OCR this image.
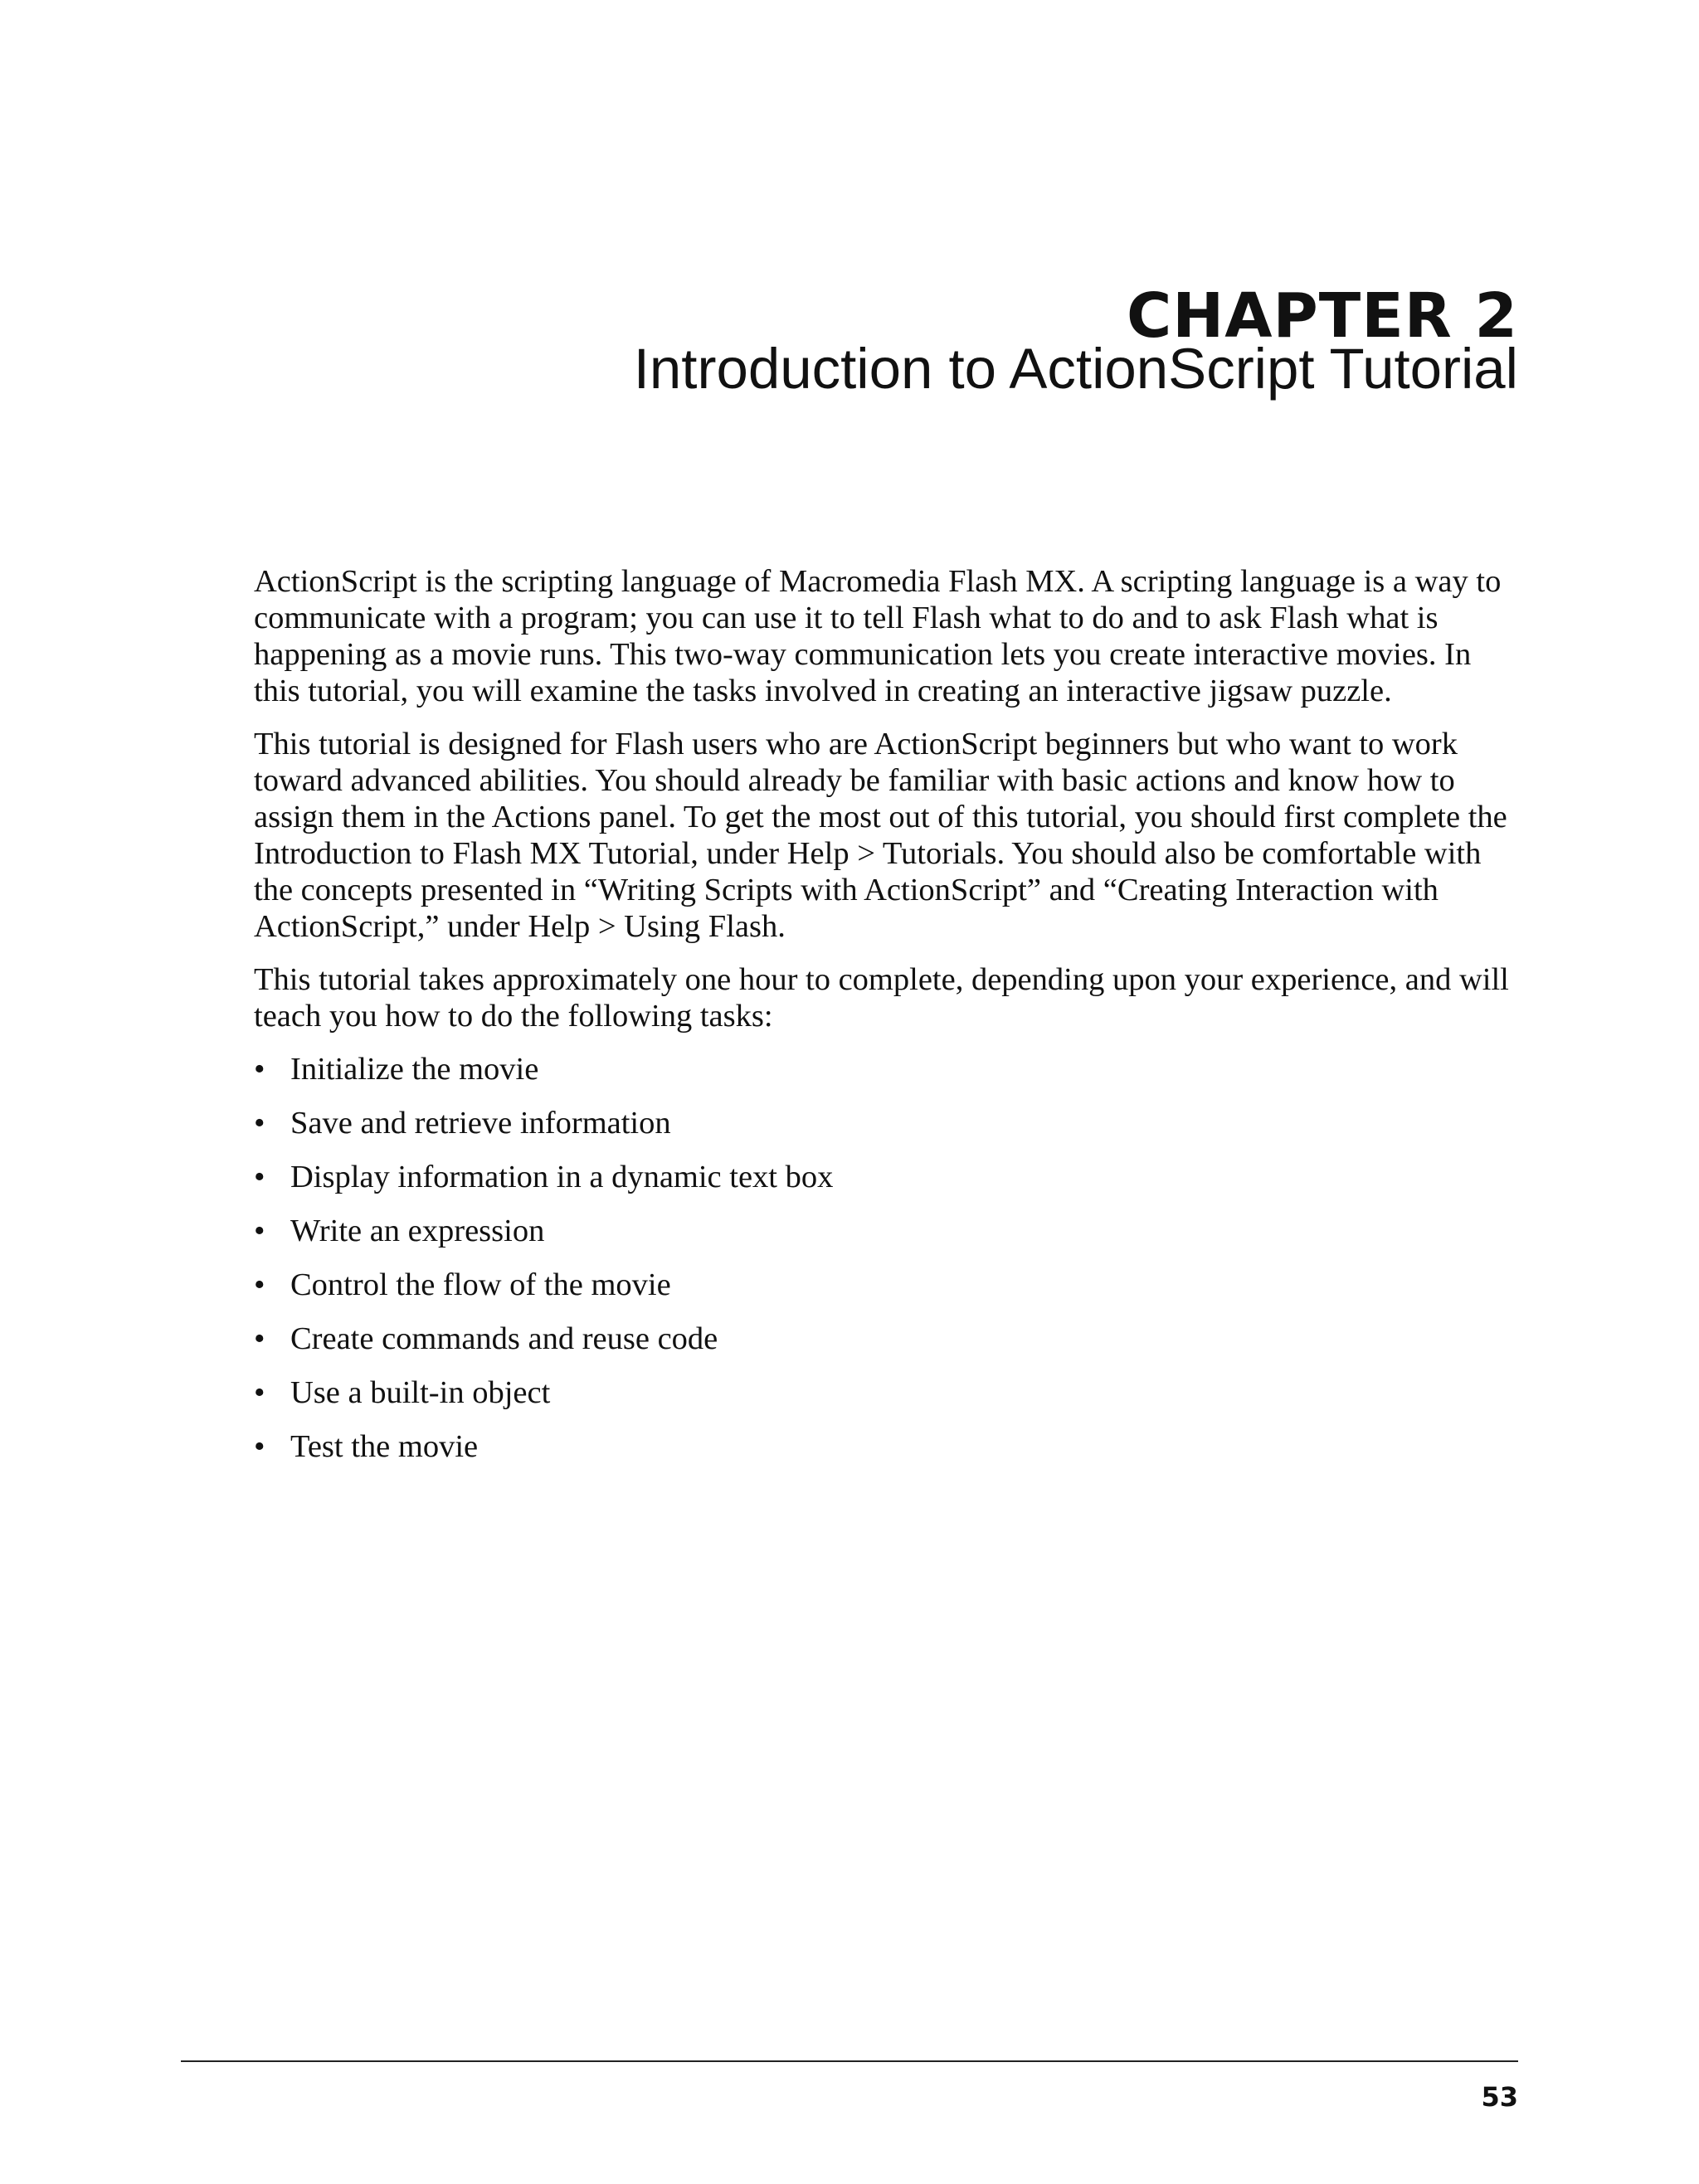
CHAPTER 2
Introduction to ActionScript Tutorial

ActionScript is the scripting language of Macromedia Flash MX. A scripting language is a way to communicate with a program; you can use it to tell Flash what to do and to ask Flash what is happening as a movie runs. This two-way communication lets you create interactive movies. In this tutorial, you will examine the tasks involved in creating an interactive jigsaw puzzle.

This tutorial is designed for Flash users who are ActionScript beginners but who want to work toward advanced abilities. You should already be familiar with basic actions and know how to assign them in the Actions panel. To get the most out of this tutorial, you should first complete the Introduction to Flash MX Tutorial, under Help > Tutorials. You should also be comfortable with the concepts presented in “Writing Scripts with ActionScript” and “Creating Interaction with ActionScript,” under Help > Using Flash.

This tutorial takes approximately one hour to complete, depending upon your experience, and will teach you how to do the following tasks:

• Initialize the movie
• Save and retrieve information
• Display information in a dynamic text box
• Write an expression
• Control the flow of the movie
• Create commands and reuse code
• Use a built-in object
• Test the movie
53
